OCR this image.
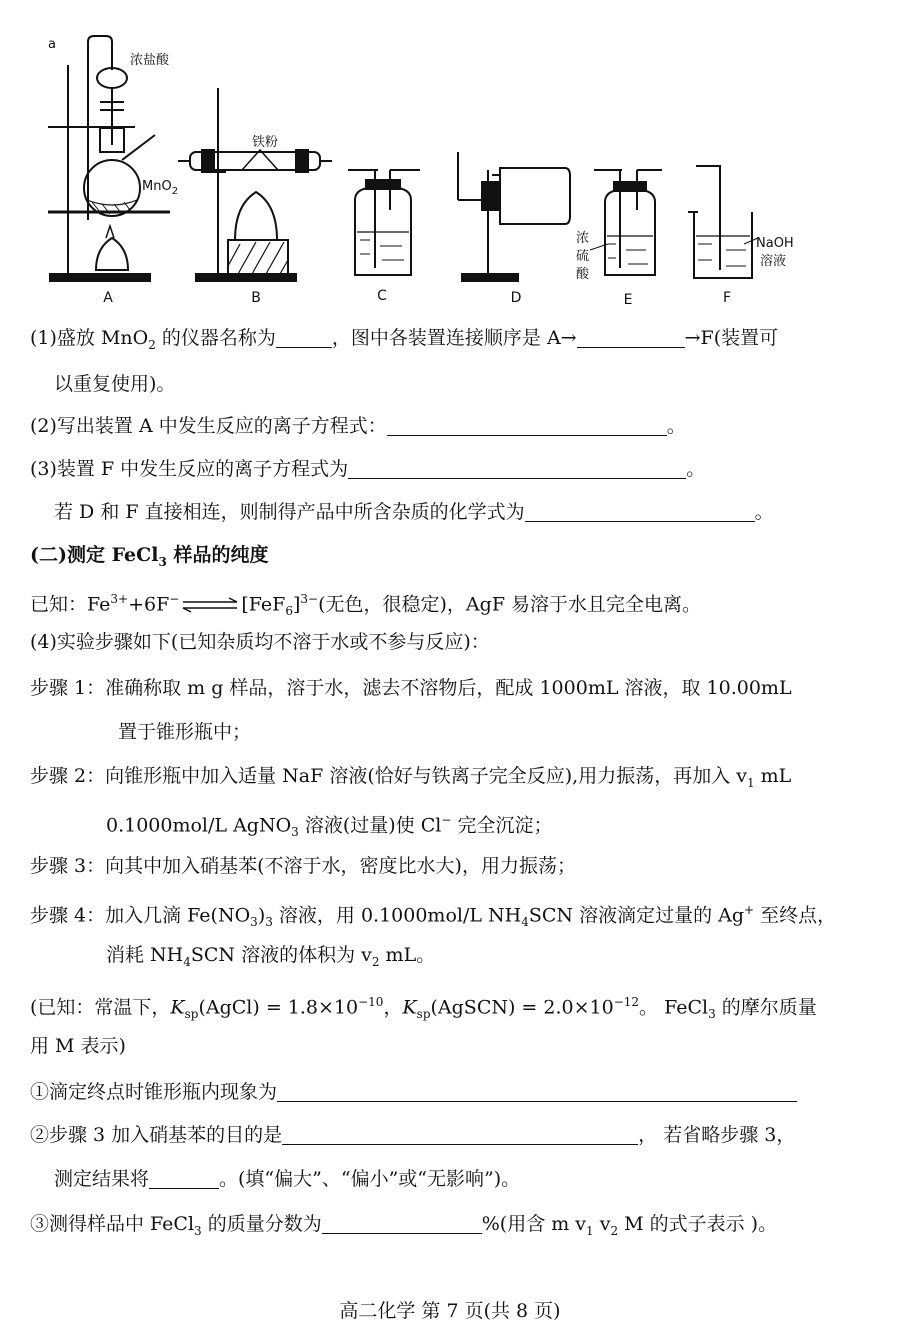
a
浓盐酸
MnO$_2$
铁粉
浓
硫
酸
NaOH
溶液
A	B	C	D	E	F
(1)盛放 MnO$_2$ 的仪器名称为	，图中各装置连接顺序是 A→	→F(装置可
以重复使用)。
(2)写出装置 A 中发生反应的离子方程式：	。
(3)装置 F 中发生反应的离子方程式为	。
若 D 和 F 直接相连，则制得产品中所含杂质的化学式为	。
(二)测定 FeCl$_3$ 样品的纯度
已知：$Fe^{3+}+6F^-$ ⇌ $[FeF_6]^{3-}$(无色，很稳定)，AgF 易溶于水且完全电离。
(4)实验步骤如下(已知杂质均不溶于水或不参与反应)：
步骤 1：准确称取 m g 样品，溶于水，滤去不溶物后，配成 1000mL 溶液，取 10.00mL
置于锥形瓶中；
步骤 2：向锥形瓶中加入适量 NaF 溶液(恰好与铁离子完全反应),用力振荡，再加入 $v_1$ mL
0.1000mol/L AgNO$_3$ 溶液(过量)使 Cl− 完全沉淀；
步骤 3：向其中加入硝基苯(不溶于水，密度比水大)，用力振荡；
步骤 4：加入几滴 $Fe(NO_3)_3$ 溶液，用 0.1000mol/L $NH_4SCN$ 溶液滴定过量的 Ag+ 至终点，
消耗 $NH_4SCN$ 溶液的体积为 $v_2$ mL。
(已知：常温下，$K_{sp}(AgCl) = 1.8\times 10^{-10}$，$K_{sp}(AgSCN) = 2.0\times 10^{-12}$。 FeCl$_3$ 的摩尔质量
用 M 表示)
①滴定终点时锥形瓶内现象为
②步骤 3 加入硝基苯的目的是	， 若省略步骤 3，
测定结果将	。(填“偏大”、“偏小”或“无影响”)。
③测得样品中 FeCl$_3$ 的质量分数为	%(用含 m $v_1$ $v_2$ M 的式子表示 )。
高二化学 第 7 页(共 8 页)
